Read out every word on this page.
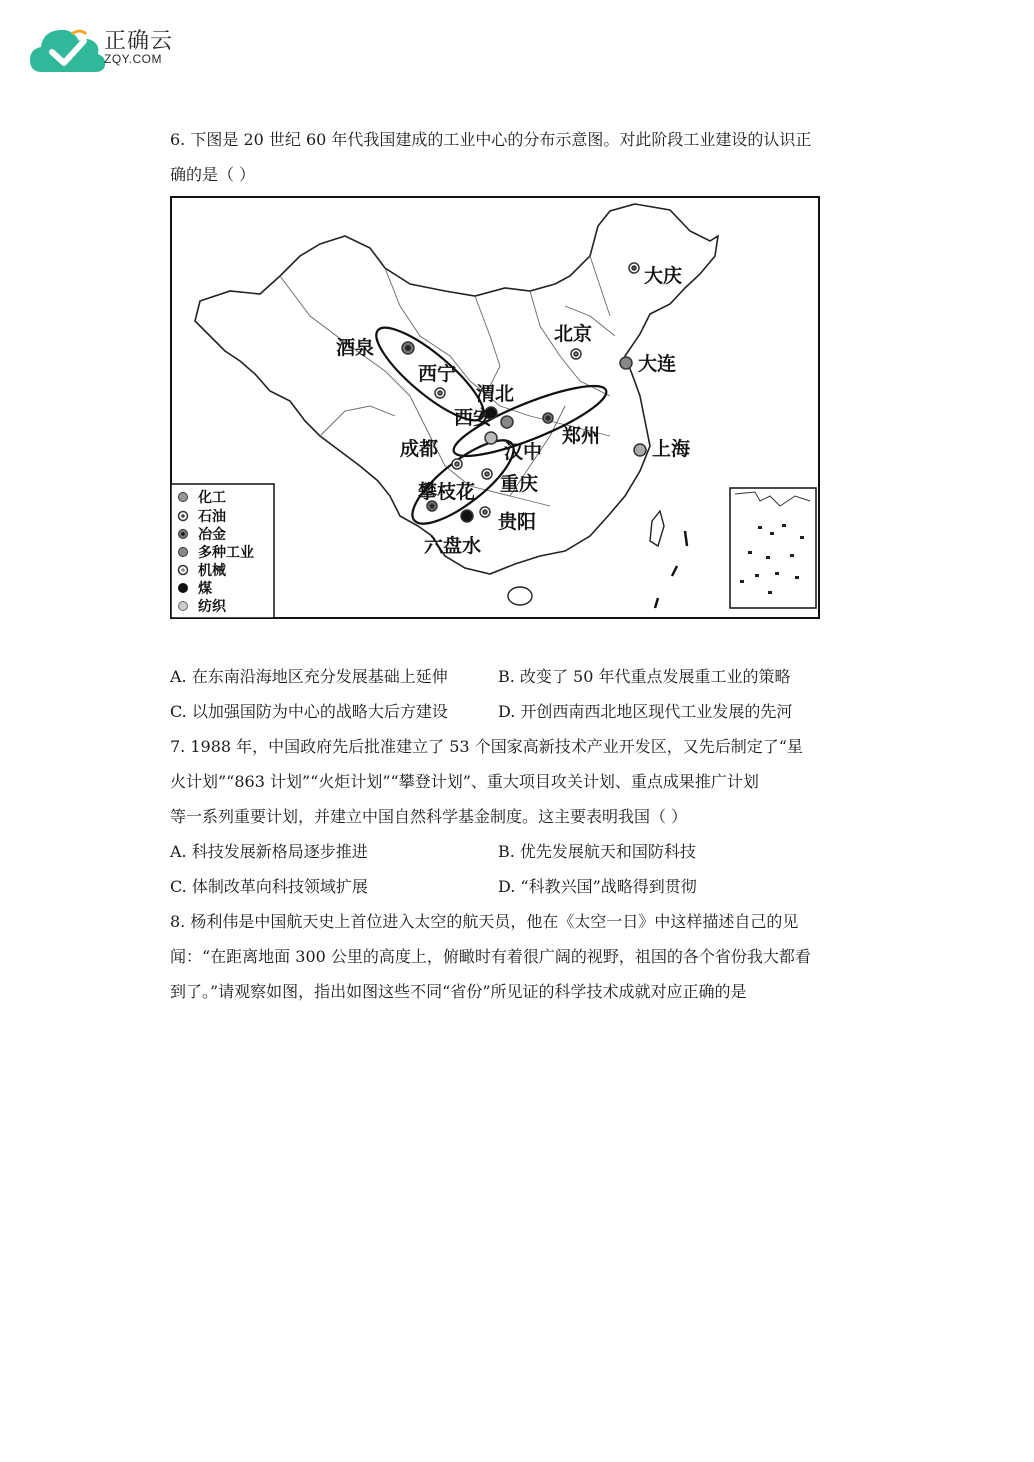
正确云
ZQY.COM
6. 下图是 20 世纪 60 年代我国建成的工业中心的分布示意图。对此阶段工业建设的认识正
确的是（ ）
大庆
北京
大连
酒泉
西宁
渭北
西安
郑州
成都	汉中	上海
攀枝花 重庆
贵阳
六盘水
化工
石油
冶金
多种工业
机械
煤
纺织
A. 在东南沿海地区充分发展基础上延伸	B. 改变了 50 年代重点发展重工业的策略
C. 以加强国防为中心的战略大后方建设	D. 开创西南西北地区现代工业发展的先河
7. 1988 年，中国政府先后批准建立了 53 个国家高新技术产业开发区，又先后制定了“星
火计划”“863 计划”“火炬计划”“攀登计划”、重大项目攻关计划、重点成果推广计划
等一系列重要计划，并建立中国自然科学基金制度。这主要表明我国（ ）
A. 科技发展新格局逐步推进	B. 优先发展航天和国防科技
C. 体制改革向科技领域扩展	D. “科教兴国”战略得到贯彻
8. 杨利伟是中国航天史上首位进入太空的航天员，他在《太空一日》中这样描述自己的见
闻：“在距离地面 300 公里的高度上，俯瞰时有着很广阔的视野，祖国的各个省份我大都看
到了。”请观察如图，指出如图这些不同“省份”所见证的科学技术成就对应正确的是
